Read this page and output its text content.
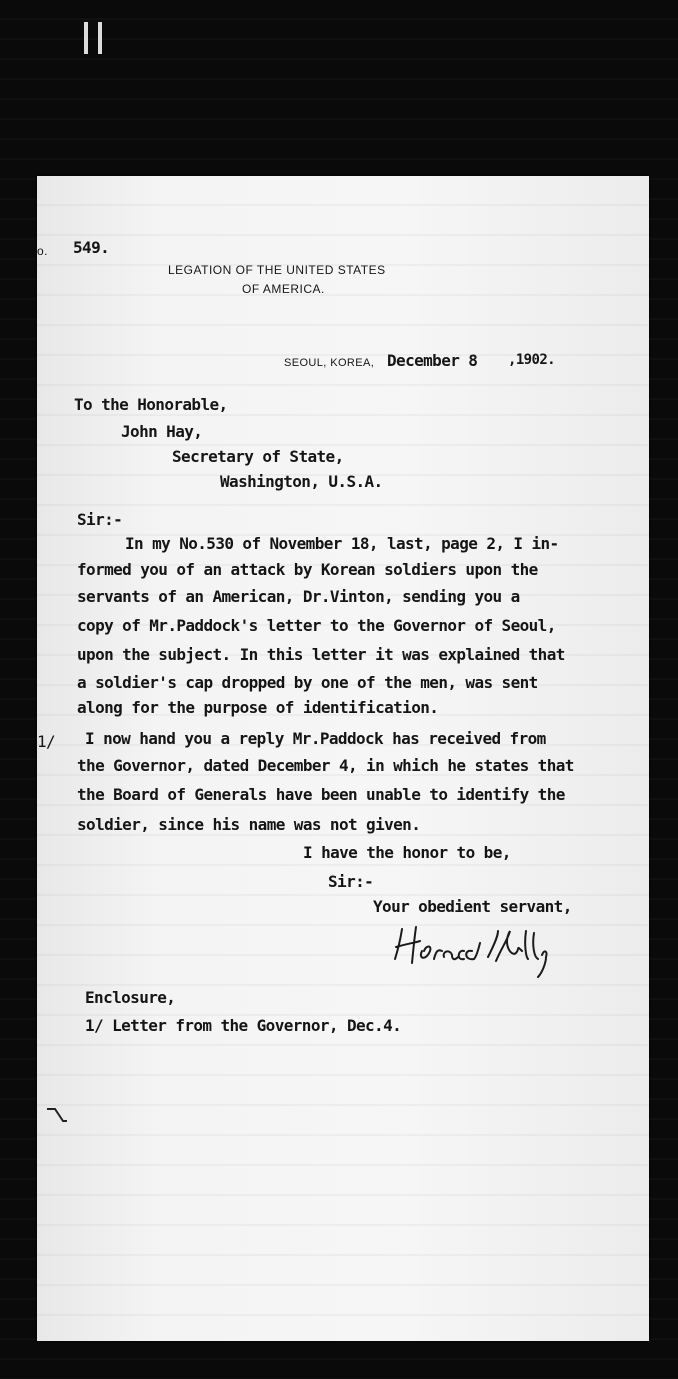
o. 549.
LEGATION OF THE UNITED STATES
OF AMERICA.
SEOUL, KOREA, December 8 ,1902.
To the Honorable,
John Hay,
Secretary of State,
Washington, U.S.A.
Sir:-
In my No.530 of November 18, last, page 2, I in-
formed you of an attack by Korean soldiers upon the
servants of an American, Dr.Vinton, sending you a
copy of Mr.Paddock's letter to the Governor of Seoul,
upon the subject. In this letter it was explained that
a soldier's cap dropped by one of the men, was sent
along for the purpose of identification.
1/ I now hand you a reply Mr.Paddock has received from
the Governor, dated December 4, in which he states that
the Board of Generals have been unable to identify the
soldier, since his name was not given.
I have the honor to be,
Sir:-
Your obedient servant,
Enclosure,
1/ Letter from the Governor, Dec.4.
